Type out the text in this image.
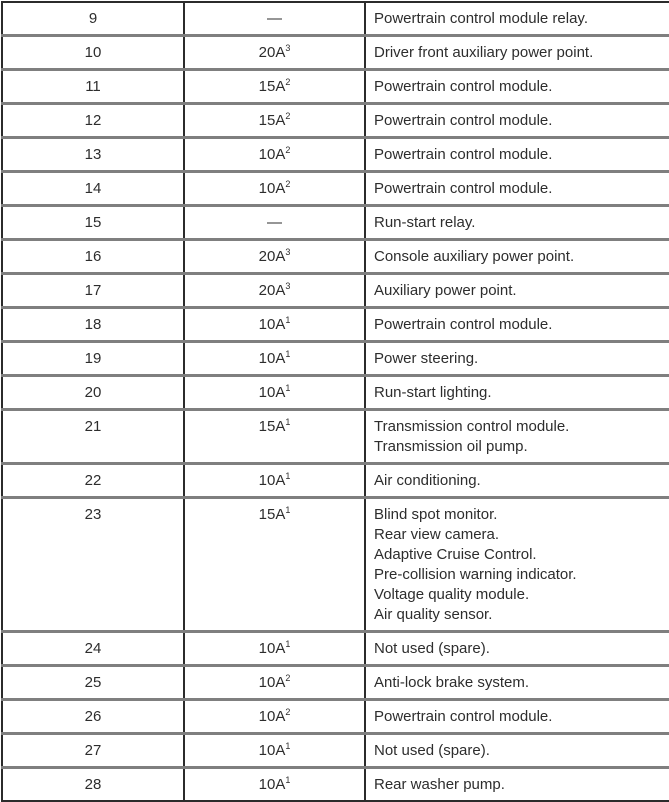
9	—	Powertrain control module relay.

10	$20A^3$	Driver front auxiliary power point.

11	$15A^2$	Powertrain control module.

12	$15A^2$	Powertrain control module.

13	$10A^2$	Powertrain control module.

14	$10A^2$	Powertrain control module.

15	—	Run-start relay.

16	$20A^3$	Console auxiliary power point.

17	$20A^3$	Auxiliary power point.

18	$10A^1$	Powertrain control module.

19	$10A^1$	Power steering.

20	$10A^1$	Run-start lighting.

21	$15A^1$	Transmission control module.
Transmission oil pump.

22	$10A^1$	Air conditioning.

23	$15A^1$	Blind spot monitor.
Rear view camera.
Adaptive Cruise Control.
Pre-collision warning indicator.
Voltage quality module.
Air quality sensor.

24	$10A^1$	Not used (spare).

25	$10A^2$	Anti-lock brake system.

26	$10A^2$	Powertrain control module.

27	$10A^1$	Not used (spare).

28	$10A^1$	Rear washer pump.
